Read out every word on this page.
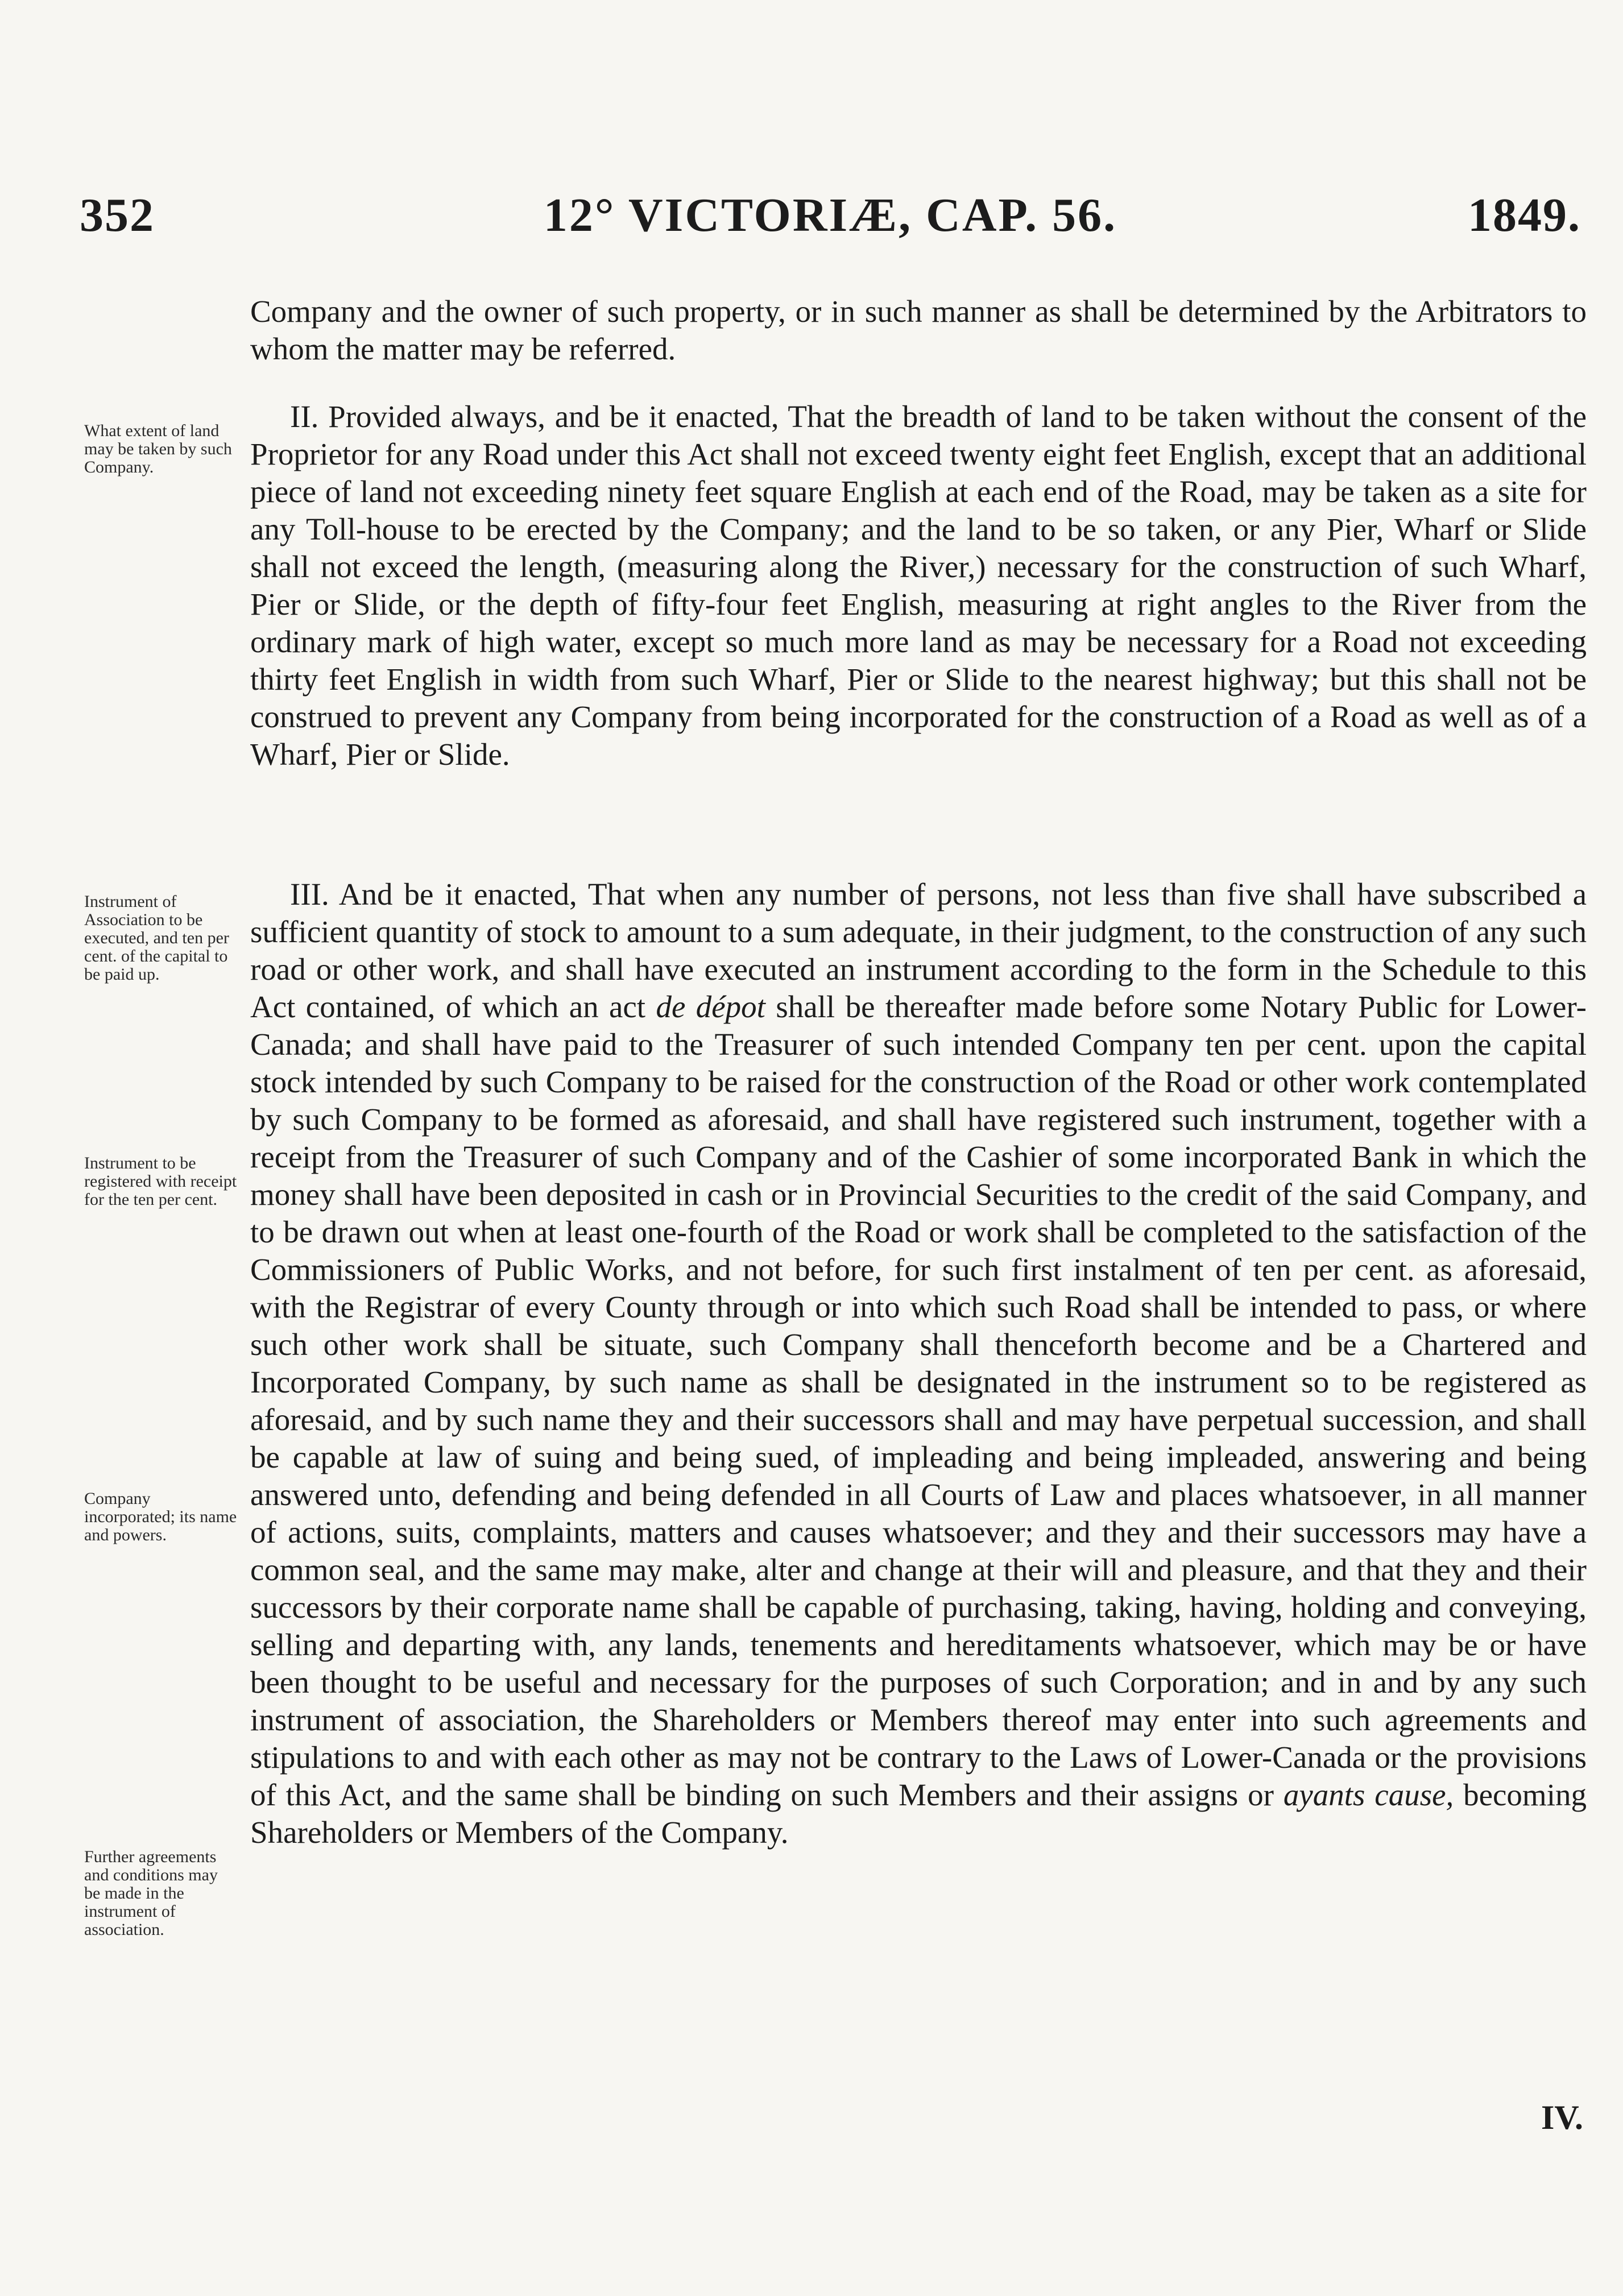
352	12° VICTORIÆ, CAP. 56.	1849.
What extent of land may be taken by such Company.
Instrument of Association to be executed, and ten per cent. of the capital to be paid up.
Instrument to be registered with receipt for the ten per cent.
Company incorporated; its name and powers.
Further agreements and conditions may be made in the instrument of association.

Company and the owner of such property, or in such manner as shall be determined by the Arbitrators to whom the matter may be referred.

II. Provided always, and be it enacted, That the breadth of land to be taken without the consent of the Proprietor for any Road under this Act shall not exceed twenty eight feet English, except that an additional piece of land not exceeding ninety feet square English at each end of the Road, may be taken as a site for any Toll-house to be erected by the Company; and the land to be so taken, or any Pier, Wharf or Slide shall not exceed the length, (measuring along the River,) necessary for the construction of such Wharf, Pier or Slide, or the depth of fifty-four feet English, measuring at right angles to the River from the ordinary mark of high water, except so much more land as may be necessary for a Road not exceeding thirty feet English in width from such Wharf, Pier or Slide to the nearest highway; but this shall not be construed to prevent any Company from being incorporated for the construction of a Road as well as of a Wharf, Pier or Slide.

III. And be it enacted, That when any number of persons, not less than five shall have subscribed a sufficient quantity of stock to amount to a sum adequate, in their judgment, to the construction of any such road or other work, and shall have executed an instrument according to the form in the Schedule to this Act contained, of which an act de dépot shall be thereafter made before some Notary Public for Lower-Canada; and shall have paid to the Treasurer of such intended Company ten per cent. upon the capital stock intended by such Company to be raised for the construction of the Road or other work contemplated by such Company to be formed as aforesaid, and shall have registered such instrument, together with a receipt from the Treasurer of such Company and of the Cashier of some incorporated Bank in which the money shall have been deposited in cash or in Provincial Securities to the credit of the said Company, and to be drawn out when at least one-fourth of the Road or work shall be completed to the satisfaction of the Commissioners of Public Works, and not before, for such first instalment of ten per cent. as aforesaid, with the Registrar of every County through or into which such Road shall be intended to pass, or where such other work shall be situate, such Company shall thenceforth become and be a Chartered and Incorporated Company, by such name as shall be designated in the instrument so to be registered as aforesaid, and by such name they and their successors shall and may have perpetual succession, and shall be capable at law of suing and being sued, of impleading and being impleaded, answering and being answered unto, defending and being defended in all Courts of Law and places whatsoever, in all manner of actions, suits, complaints, matters and causes whatsoever; and they and their successors may have a common seal, and the same may make, alter and change at their will and pleasure, and that they and their successors by their corporate name shall be capable of purchasing, taking, having, holding and conveying, selling and departing with, any lands, tenements and hereditaments whatsoever, which may be or have been thought to be useful and necessary for the purposes of such Corporation; and in and by any such instrument of association, the Shareholders or Members thereof may enter into such agreements and stipulations to and with each other as may not be contrary to the Laws of Lower-Canada or the provisions of this Act, and the same shall be binding on such Members and their assigns or ayants cause, becoming Shareholders or Members of the Company.

IV.
